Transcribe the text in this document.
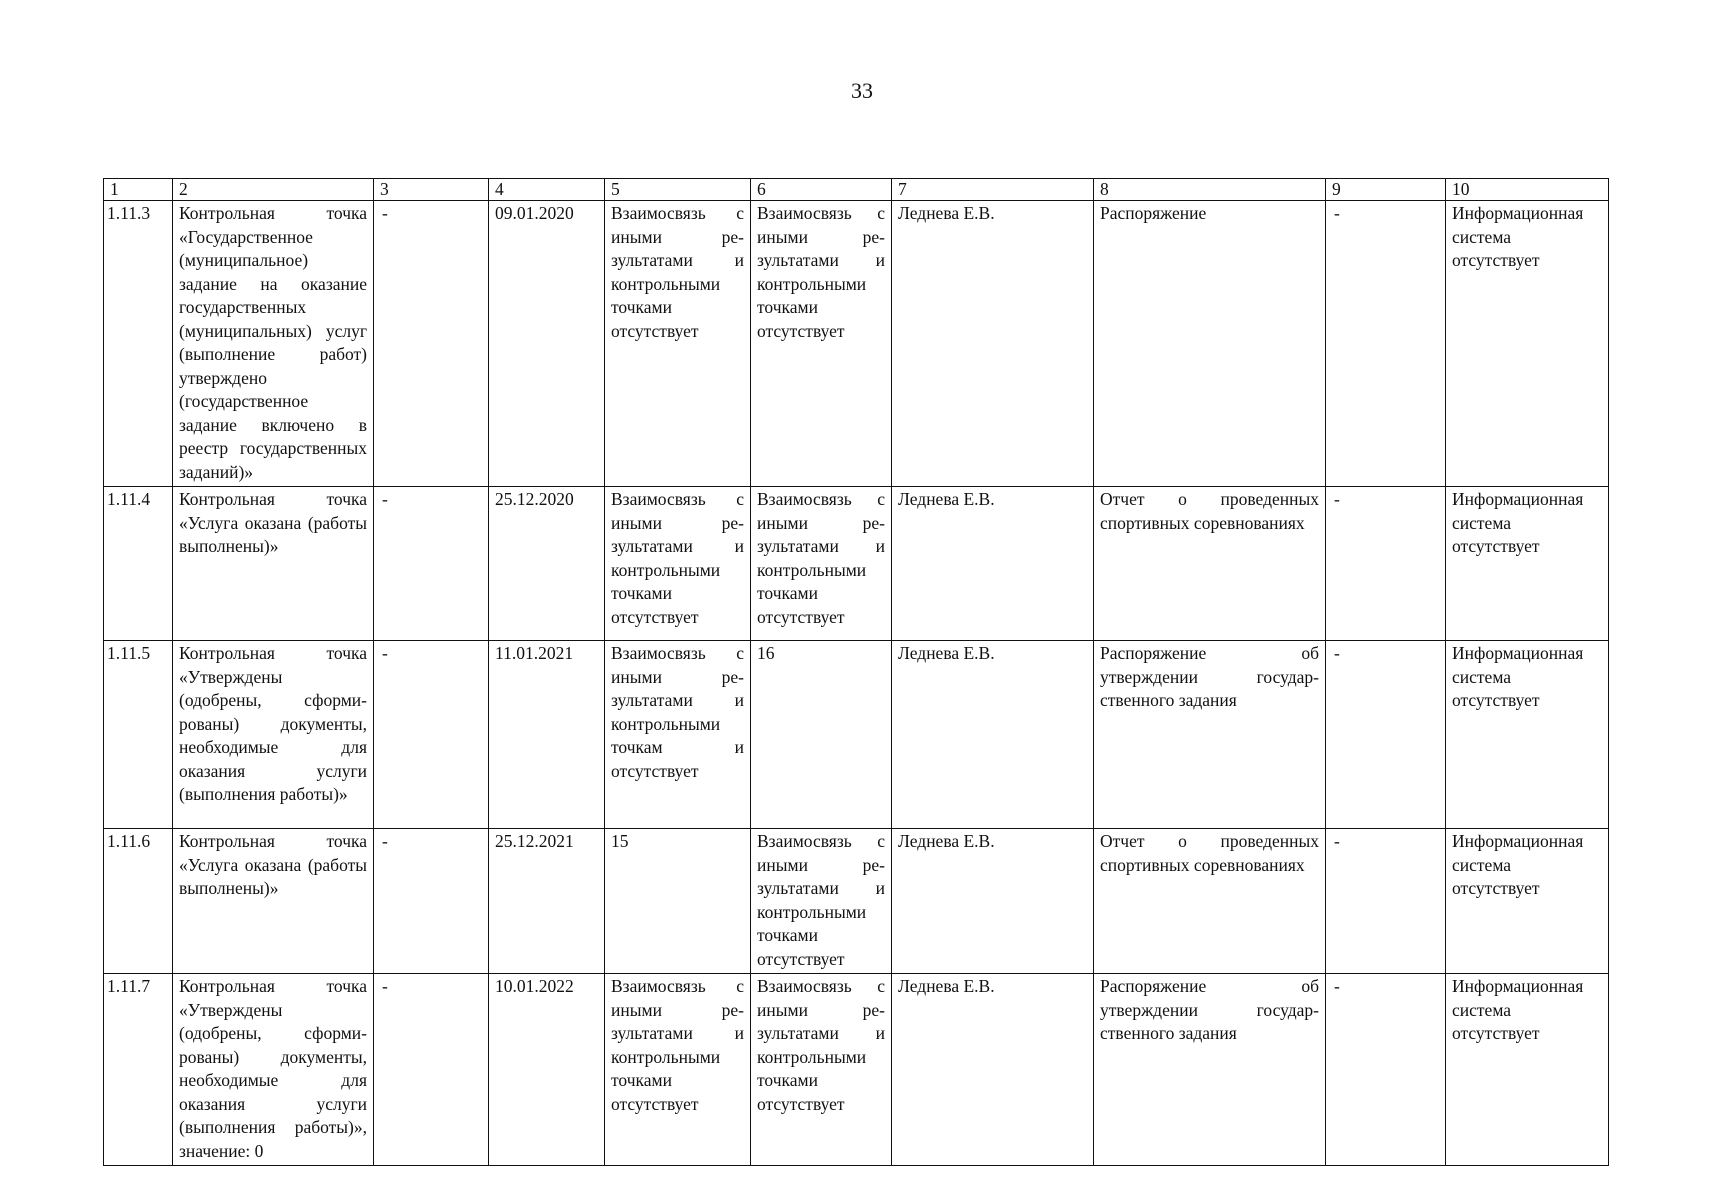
33
1	2	3	4	5	6	7	8	9	10
1.11.3	Контрольная точка «Государственное (муниципальное) задание на оказание государственных (муниципальных) услуг (выполнение работ) утверждено (государственное задание включено в реестр государственных заданий)»	-	09.01.2020	Взаимосвязь с иными результатами и контрольными точками отсутствует	Взаимосвязь с иными результатами и контрольными точками отсутствует	Леднева Е.В.	Распоряжение	-	Информационная система отсутствует
1.11.4	Контрольная точка «Услуга оказана (работы выполнены)»	-	25.12.2020	Взаимосвязь с иными результатами и контрольными точками отсутствует	Взаимосвязь с иными результатами и контрольными точками отсутствует	Леднева Е.В.	Отчет о проведенных спортивных соревнованиях	-	Информационная система отсутствует
1.11.5	Контрольная точка «Утверждены (одобрены, сформированы) документы, необходимые для оказания услуги (выполнения работы)»	-	11.01.2021	Взаимосвязь с иными результатами и контрольными точкам и отсутствует	16	Леднева Е.В.	Распоряжение об утверждении государственного задания	-	Информационная система отсутствует
1.11.6	Контрольная точка «Услуга оказана (работы выполнены)»	-	25.12.2021	15	Взаимосвязь с иными результатами и контрольными точками отсутствует	Леднева Е.В.	Отчет о проведенных спортивных соревнованиях	-	Информационная система отсутствует
1.11.7	Контрольная точка «Утверждены (одобрены, сформированы) документы, необходимые для оказания услуги (выполнения работы)», значение: 0	-	10.01.2022	Взаимосвязь с иными результатами и контрольными точками отсутствует	Взаимосвязь с иными результатами и контрольными точками отсутствует	Леднева Е.В.	Распоряжение об утверждении государственного задания	-	Информационная система отсутствует
